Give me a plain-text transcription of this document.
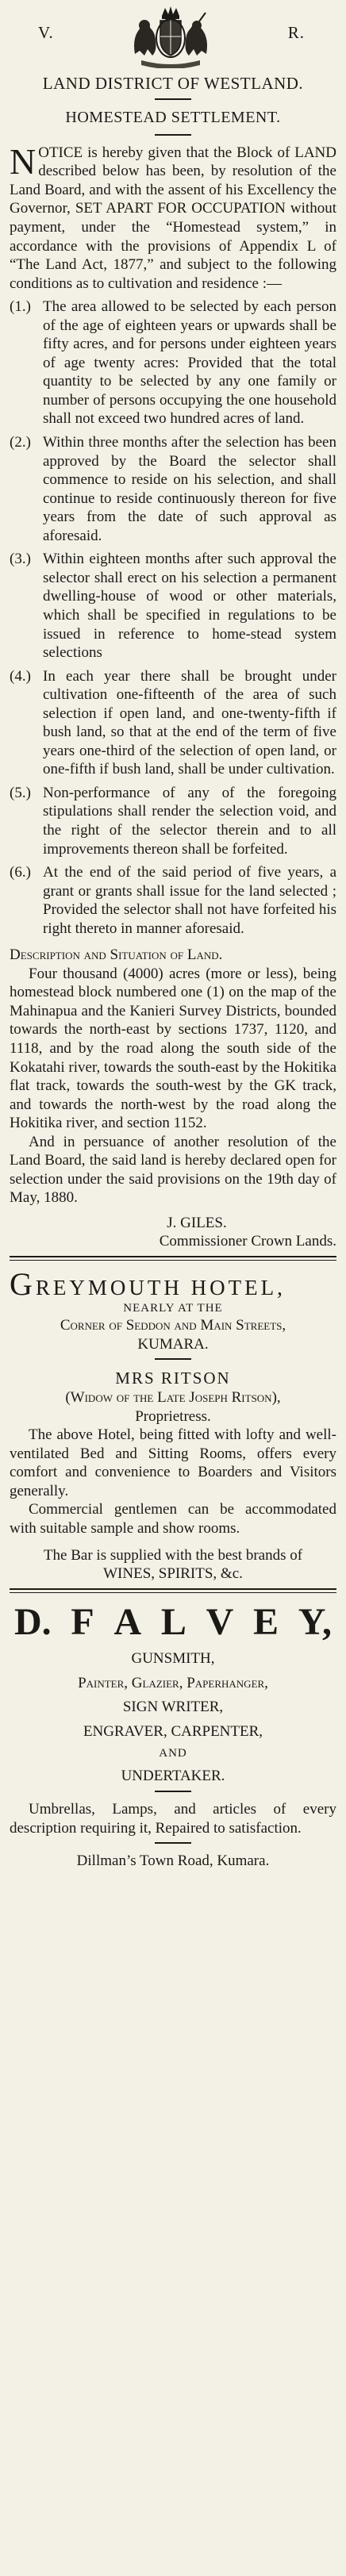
V.	R.
LAND DISTRICT OF WESTLAND.
HOMESTEAD SETTLEMENT.

NOTICE is hereby given that the Block of LAND described below has been, by resolution of the Land Board, and with the assent of his Excellency the Governor, SET APART FOR OCCUPATION without payment, under the “Homestead system,” in accordance with the provisions of Appendix L of “The Land Act, 1877,” and subject to the following conditions as to cultivation and residence :—

(1.) The area allowed to be selected by each person of the age of eighteen years or upwards shall be fifty acres, and for persons under eighteen years of age twenty acres: Provided that the total quantity to be selected by any one family or number of persons occupying the one household shall not exceed two hundred acres of land.
(2.) Within three months after the selection has been approved by the Board the selector shall commence to reside on his selection, and shall continue to reside continuously thereon for five years from the date of such approval as aforesaid.
(3.) Within eighteen months after such approval the selector shall erect on his selection a permanent dwelling-house of wood or other materials, which shall be specified in regulations to be issued in reference to home-stead system selections
(4.) In each year there shall be brought under cultivation one-fifteenth of the area of such selection if open land, and one-twenty-fifth if bush land, so that at the end of the term of five years one-third of the selection of open land, or one-fifth if bush land, shall be under cultivation.
(5.) Non-performance of any of the foregoing stipulations shall render the selection void, and the right of the selector therein and to all improvements thereon shall be forfeited.
(6.) At the end of the said period of five years, a grant or grants shall issue for the land selected ; Provided the selector shall not have forfeited his right thereto in manner aforesaid.

Description and Situation of Land.

Four thousand (4000) acres (more or less), being homestead block numbered one (1) on the map of the Mahinapua and the Kanieri Survey Districts, bounded towards the north-east by sections 1737, 1120, and 1118, and by the road along the south side of the Kokatahi river, towards the south-east by the Hokitika flat track, towards the south-west by the GK track, and towards the north-west by the road along the Hokitika river, and section 1152.

And in persuance of another resolution of the Land Board, the said land is hereby declared open for selection under the said provisions on the 19th day of May, 1880.

J. GILES.
Commissioner Crown Lands.
GREYMOUTH HOTEL,
NEARLY AT THE
Corner of Seddon and Main Streets,
KUMARA.
MRS RITSON
(Widow of the Late Joseph Ritson),
Proprietress.

The above Hotel, being fitted with lofty and well-ventilated Bed and Sitting Rooms, offers every comfort and convenience to Boarders and Visitors generally.

Commercial gentlemen can be accommodated with suitable sample and show rooms.

The Bar is supplied with the best brands of
WINES, SPIRITS, &c.
D. F A L V E Y,
GUNSMITH,
Painter, Glazier, Paperhanger,
SIGN WRITER,
ENGRAVER, CARPENTER,
AND
UNDERTAKER.

Umbrellas, Lamps, and articles of every description requiring it, Repaired to satisfaction.

Dillman’s Town Road, Kumara.
